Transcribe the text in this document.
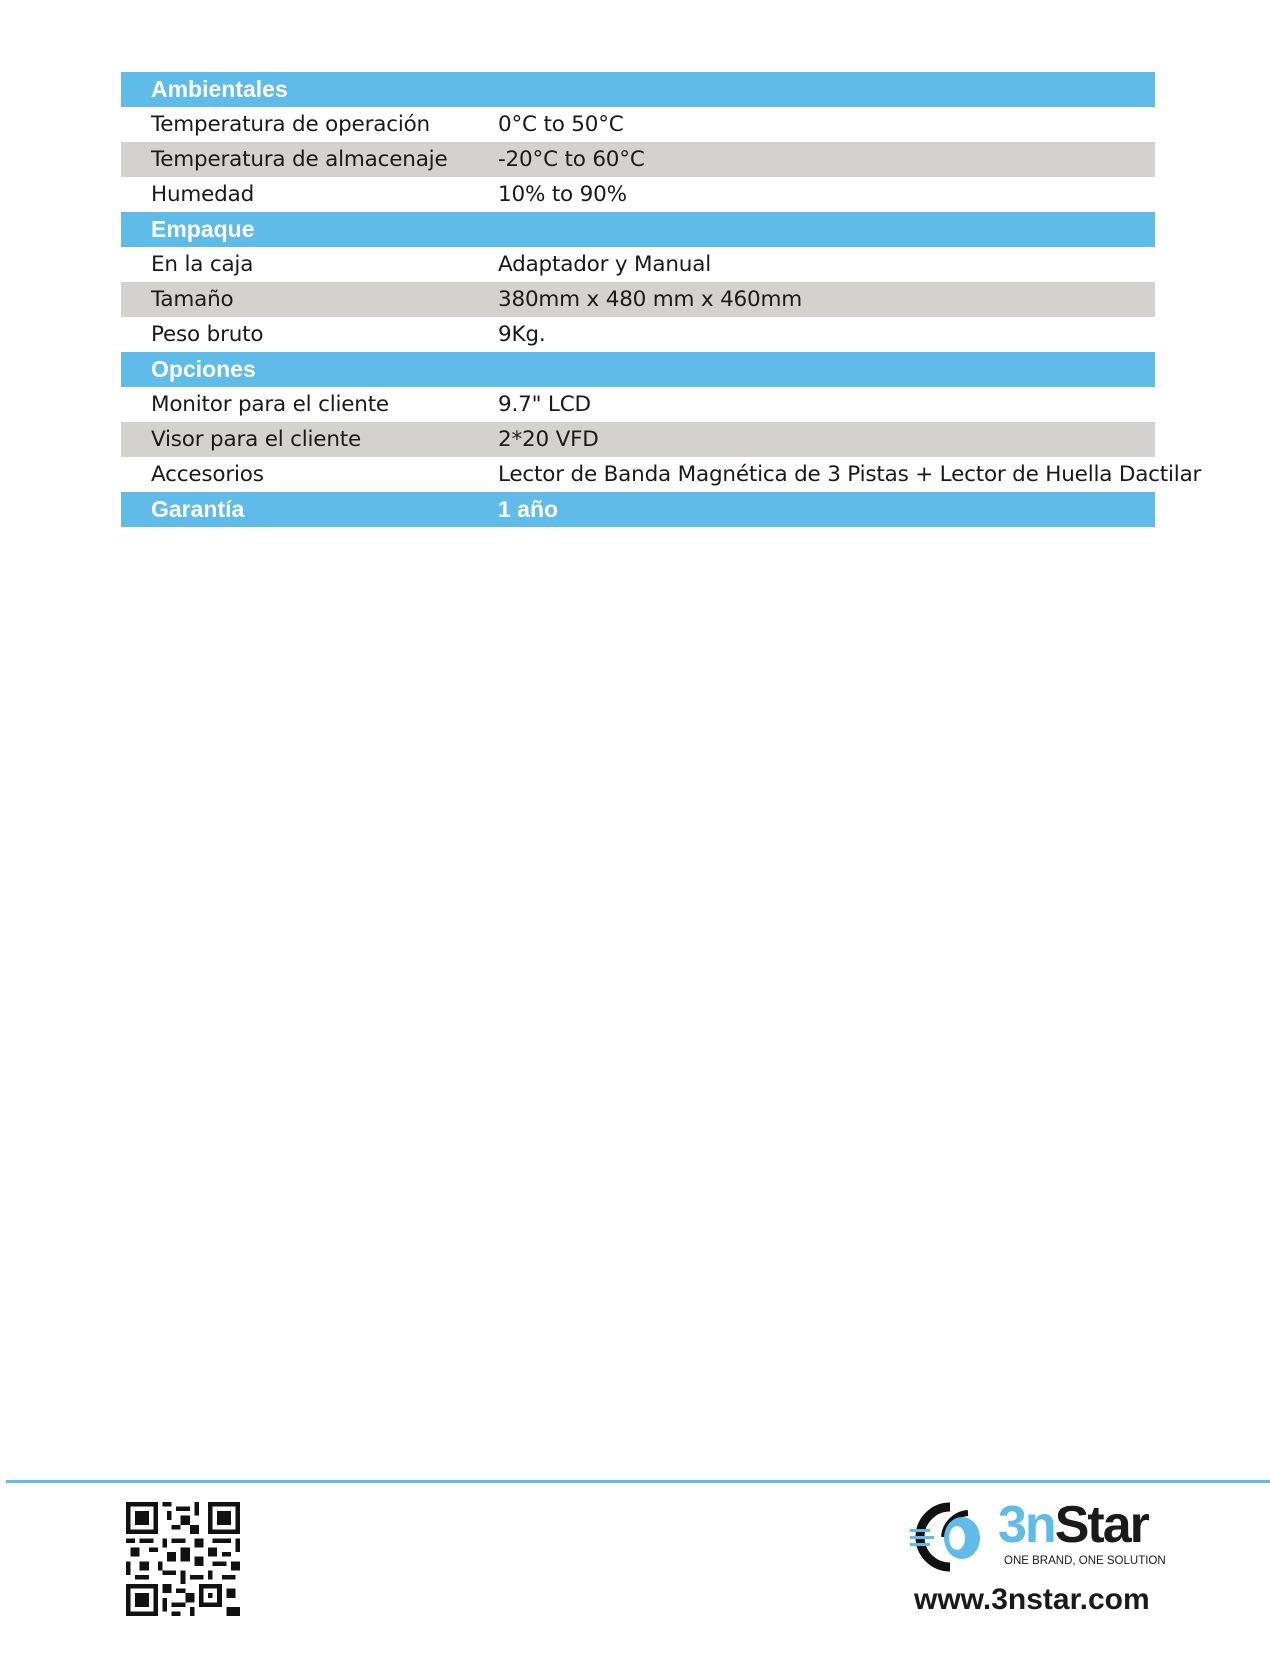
Ambientales
Temperatura de operación	0°C to 50°C
Temperatura de almacenaje -20°C to 60°C
Humedad	10% to 90%
Empaque
En la caja	Adaptador y Manual
Tamaño	380mm x 480 mm x 460mm
Peso bruto	9Kg.
Opciones
Monitor para el cliente	9.7" LCD
Visor para el cliente	2*20 VFD
Accesorios	Lector de Banda Magnética de 3 Pistas + Lector de Huella Dactilar
Garantía	1 año
3nStar
ONE BRAND, ONE SOLUTION
www.3nstar.com
